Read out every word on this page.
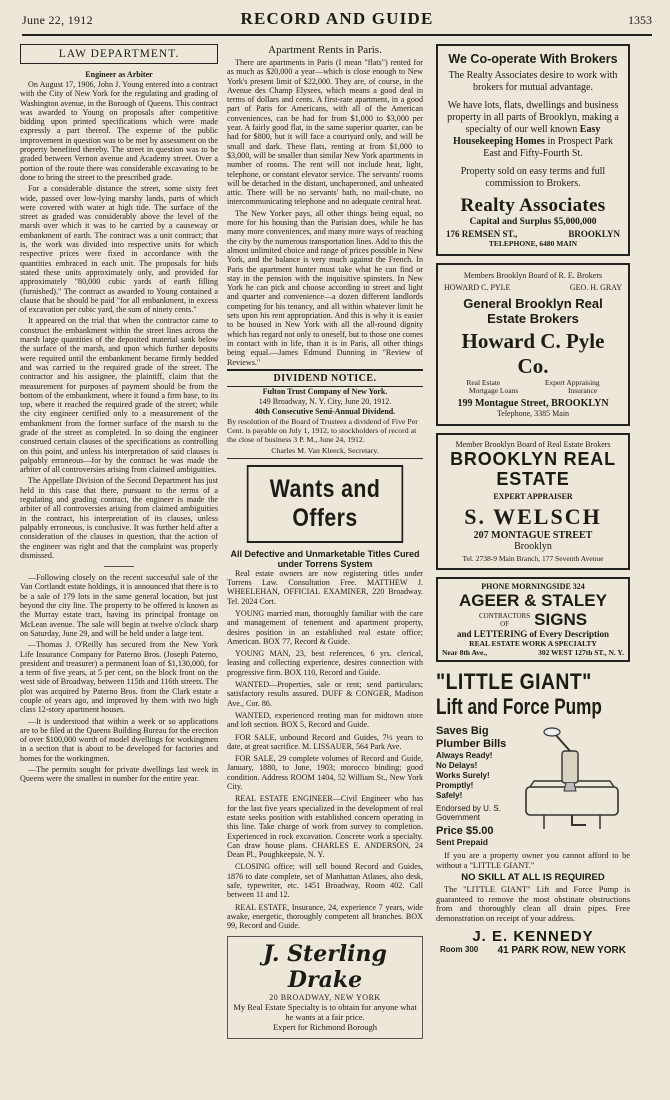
June 22, 1912	RECORD AND GUIDE	1353
LAW DEPARTMENT.
Engineer as Arbiter

On August 17, 1906, John J. Young entered into a contract with the City of New York for the regulating and grading of Washington avenue, in the Borough of Queens. This contract was awarded to Young on proposals after competitive bidding upon printed specifications which were made expressly a part thereof. The expense of the public improvement in question was to be met by assessment on the property benefited thereby. The street in question was to be graded between Vernon avenue and Academy street. Over a portion of the route there was considerable excavating to be done to bring the street to the prescribed grade.

For a considerable distance the street, some sixty feet wide, passed over low-lying marshy lands, parts of which were covered with water at high tide. The surface of the street as graded was considerably above the level of the marsh over which it was to be carried by a causeway or embankment of earth. The contract was a unit contract; that is, the work was divided into respective units for which respective prices were fixed in accordance with the quantities embraced in each unit. The proposals for bids stated these units approximately only, and provided for approximately "80,000 cubic yards of earth filling (furnished)." The contract as awarded to Young contained a clause that he should be paid "for all embankment, in excess of excavation per cubic yard, the sum of ninety cents."

It appeared on the trial that when the contractor came to construct the embankment within the street lines across the marsh large quantities of the deposited material sank below the surface of the marsh, and upon which further deposits were required until the embankment became firmly bedded and was carried to the required grade of the street. The contractor and his assignee, the plaintiff, claim that the measurement for purposes of payment should be from the bottom of the embankment, where it found a firm base, to its top, where it reached the required grade of the street; while the city engineer certified only to a measurement of the embankment from the former surface of the marsh to the grade of the street as completed. In so doing the engineer construed certain clauses of the specifications as controlling on this point, and unless his interpretation of said clauses is palpably erroneous—for by the contract he was made the arbiter of all controversies arising from claimed ambiguities.

The Appellate Division of the Second Department has just held in this case that there, pursuant to the terms of a regulating and grading contract, the engineer is made the arbiter of all controversies arising from claimed ambiguities in the contract, his interpretation of its clauses, unless palpably erroneous, is conclusive. It was further held after a consideration of the clauses in question, that the action of the engineer was right and that the complaint was properly dismissed.

—Following closely on the recent successful sale of the Van Cortlandt estate holdings, it is announced that there is to be a sale of 179 lots in the same general location, but just beyond the city line. The property to be offered is known as the Murray estate tract, having its principal frontage on McLean avenue. The sale will begin at twelve o'clock sharp on Saturday, June 29, and will be held under a large tent.

—Thomas J. O'Reilly has secured from the New York Life Insurance Company for Paterno Bros. (Joseph Paterno, president and treasurer) a permanent loan of $1,130,000, for a term of five years, at 5 per cent, on the block front on the west side of Broadway, between 115th and 116th streets. The plot was acquired by Paterno Bros. from the Clark estate a couple of years ago, and improved by them with two high class 12-story apartment houses.

—It is understood that within a week or so applications are to be filed at the Queens Building Bureau for the erection of over $100,000 worth of model dwellings for workingmen in a section that is about to be developed for factories and homes for the workingmen.

—The permits sought for private dwellings last week in Queens were the smallest in number for the entire year.

Apartment Rents in Paris.

There are apartments in Paris (I mean "flats") rented for as much as $20,000 a year—which is close enough to New York's present limit of $22,000. They are, of course, in the Avenue des Champ Elysees, which means a good deal in terms of dollars and cents. A first-rate apartment, in a good part of Paris for Americans, with all of the American conveniences, can be had for from $1,000 to $3,000 per year. A fairly good flat, in the same superior quarter, can be had for $800, but it will face a courtyard only, and will be small and dark. These flats, renting at from $1,000 to $3,000, will be smaller than similar New York apartments in number of rooms. The rent will not include heat, light, telephone, or constant elevator service. The servants' rooms will be detached in the distant, unchaperoned, and unheated attic. There will be no servants' bath, no mail-chute, no intercommunicating telephone and no adequate central heat.

The New Yorker pays, all other things being equal, no more for his housing than the Parisian does, while he has many more conveniences, and many more ways of reaching the city by the numerous transportation lines. Add to this the almost unlimited choice and range of prices possible in New York, and the balance is very much against the French. In Paris the apartment hunter must take what he can find or stay in the pension with the inquisitive spinsters. In New York he can pick and choose according to street and light and quarter and convenience—a dozen different landlords competing for his tenancy, and all within whatever limit he sets upon his rent appropriation. And this is why it is easier to be housed in New York with all the all-round dignity which has regard not only to oneself, but to those one comes in contact with in life, than it is in Paris, all other things being equal.—James Edmund Dunning in "Review of Reviews."

DIVIDEND NOTICE.
Fulton Trust Company of New York.
149 Broadway, N. Y. City, June 20, 1912.
40th Consecutive Semi-Annual Dividend.

By resolution of the Board of Trustees a dividend of Five Per Cent. is payable on July 1, 1912, to stockholders of record at the close of business 3 P. M., June 24, 1912.

Charles M. Van Kleeck, Secretary.

Wants and Offers
All Defective and Unmarketable Titles Cured under Torrens System

Real estate owners are now registering titles under Torrens Law. Consultation Free. MATTHEW J. WHEELEHAN, OFFICIAL EXAMINER, 220 Broadway. Tel. 2024 Cort.

YOUNG married man, thoroughly familiar with the care and management of tenement and apartment property, desires position in an established real estate office; American. BOX 77, Record & Guide.

YOUNG MAN, 23, best references, 6 yrs. clerical, leasing and collecting experience, desires connection with progressive firm. BOX 110, Record and Guide.

WANTED—Properties, sale or rent; send particulars; satisfactory results assured. DUFF & CONGER, Madison Ave., Cor. 86.

WANTED, experienced renting man for midtown store and loft section. BOX 5, Record and Guide.

FOR SALE, unbound Record and Guides, 7½ years to date, at great sacrifice. M. LISSAUER, 564 Park Ave.

FOR SALE, 29 complete volumes of Record and Guide, January, 1880, to June, 1903; morocco binding; good condition. Address ROOM 1404, 52 William St., New York City.

REAL ESTATE ENGINEER—Civil Engineer who has for the last five years specialized in the development of real estate seeks position with established concern operating in this line. Take charge of work from survey to completion. Experienced in rock excavation. Concrete work a specialty. Can draw house plans. CHARLES E. ANDERSON, 24 Dean Pl., Poughkeepsie, N. Y.

CLOSING office; will sell bound Record and Guides, 1876 to date complete, set of Manhattan Atlases, also desk, safe, typewriter, etc. 1451 Broadway, Room 402. Call between 11 and 12.

REAL ESTATE, Insurance, 24, experience 7 years, wide awake, energetic, thoroughly competent all branches. BOX 99, Record and Guide.

J. Sterling Drake
20 BROADWAY, NEW YORK
My Real Estate Specialty is to obtain for anyone what he wants at a fair price.
Expert for Richmond Borough
We Co-operate With Brokers
The Realty Associates desire to work with brokers for mutual advantage.
We have lots, flats, dwellings and business property in all parts of Brooklyn, making a specialty of our well known Easy Housekeeping Homes in Prospect Park East and Fifty-Fourth St.
Property sold on easy terms and full commission to Brokers.
Realty Associates
Capital and Surplus $5,000,000
176 REMSEN ST.,	BROOKLYN
TELEPHONE, 6480 MAIN
Members Brooklyn Board of R. E. Brokers
HOWARD C. PYLE	GEO. H. GRAY
General Brooklyn Real Estate Brokers
Howard C. Pyle Co.
Real Estate	Expert Appraising
Mortgage Loans	Insurance
199 Montague Street, BROOKLYN
Telephone, 3385 Main
Member Brooklyn Board of Real Estate Brokers
BROOKLYN REAL ESTATE
EXPERT APPRAISER
S. WELSCH
207 MONTAGUE STREET
Brooklyn
Tel. 2738-9 Main Branch, 177 Seventh Avenue
PHONE MORNINGSIDE 324
AGEER & STALEY
CONTRACTORS
OF	SIGNS
and LETTERING of Every Description
REAL ESTATE WORK A SPECIALTY
Near 8th Ave.,	302 WEST 127th ST., N. Y.
"LITTLE GIANT"
Lift and Force Pump
Saves Big Plumber Bills
Always Ready!
No Delays!
Works Surely!
Promptly!
Safely!
Endorsed by U. S. Government
Price $5.00
Sent Prepaid

If you are a property owner you cannot afford to be without a "LITTLE GIANT."

NO SKILL AT ALL IS REQUIRED

The "LITTLE GIANT" Lift and Force Pump is guaranteed to remove the most obstinate obstructions from and thoroughly clean all drain pipes. Free demonstration on receipt of your address.

J. E. KENNEDY
Room 300 41 PARK ROW, NEW YORK
